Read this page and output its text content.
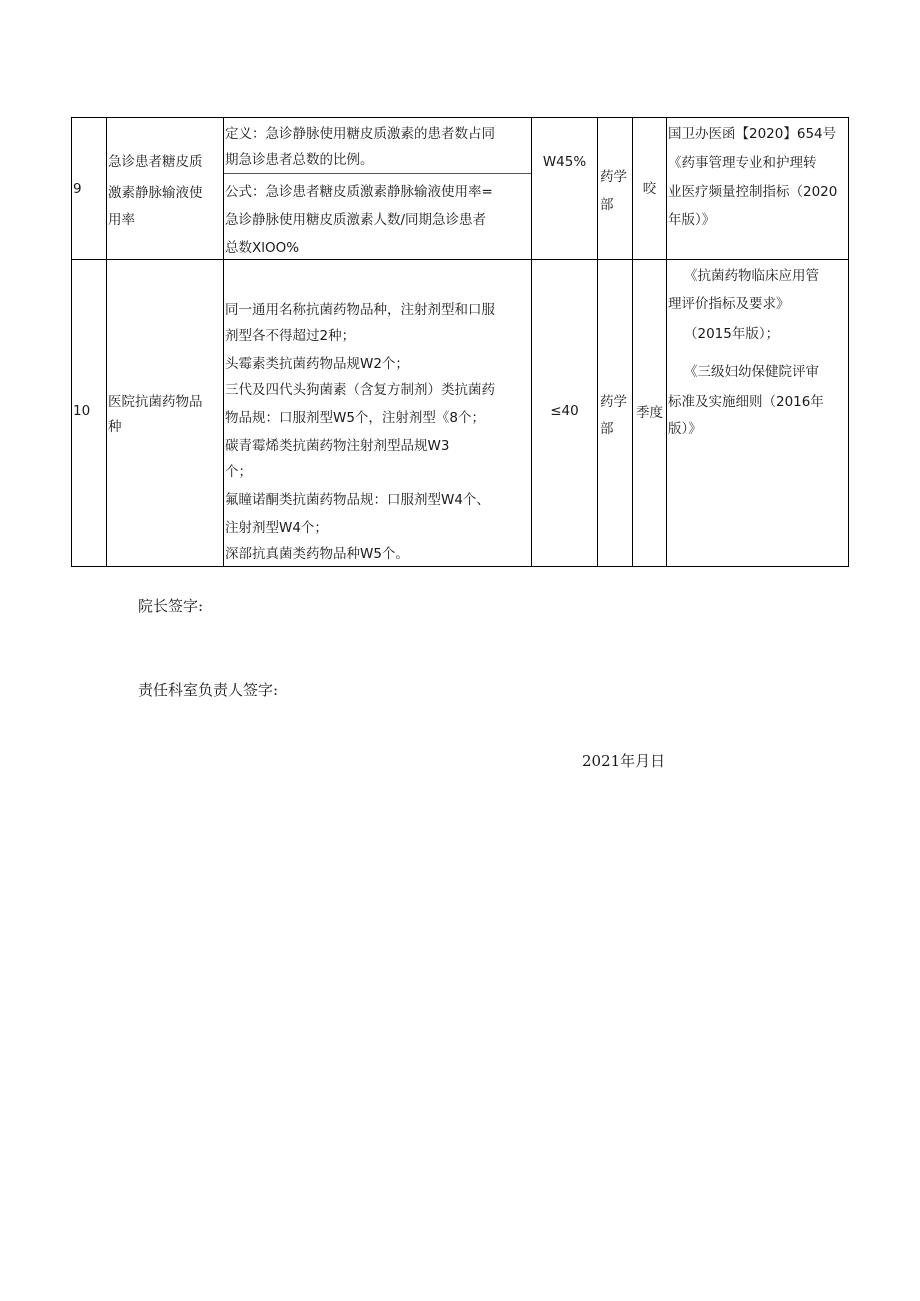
9
急诊患者糖皮质
激素静脉输液使
用率
定义：急诊静脉使用糖皮质激素的患者数占同
期急诊患者总数的比例。
公式：急诊患者糖皮质激素静脉输液使用率=
急诊静脉使用糖皮质激素人数/同期急诊患者
总数XlOO%
W45%
药学
部
咬
国卫办医函【2020】654号
《药事管理专业和护理转
业医疗频量控制指标（2020
年版）》
10
医院抗菌药物品
种
同一通用名称抗菌药物品种，注射剂型和口服
剂型各不得超过2种；
头霉素类抗菌药物品规W2个；
三代及四代头狗菌素（含复方制剂）类抗菌药
物品规：口服剂型W5个，注射剂型《8个；
碳青霉烯类抗菌药物注射剂型品规W3
个；
氟瞳诺酮类抗菌药物品规：口服剂型W4个、
注射剂型W4个；
深部抗真菌类药物品种W5个。
≤40
药学
部
季度
《抗菌药物临床应用管
理评价指标及要求》
（2015年版）；
《三级妇幼保健院评审
标准及实施细则（2016年
版）》
院长签字:
责任科室负责人签字:
2021年月日
